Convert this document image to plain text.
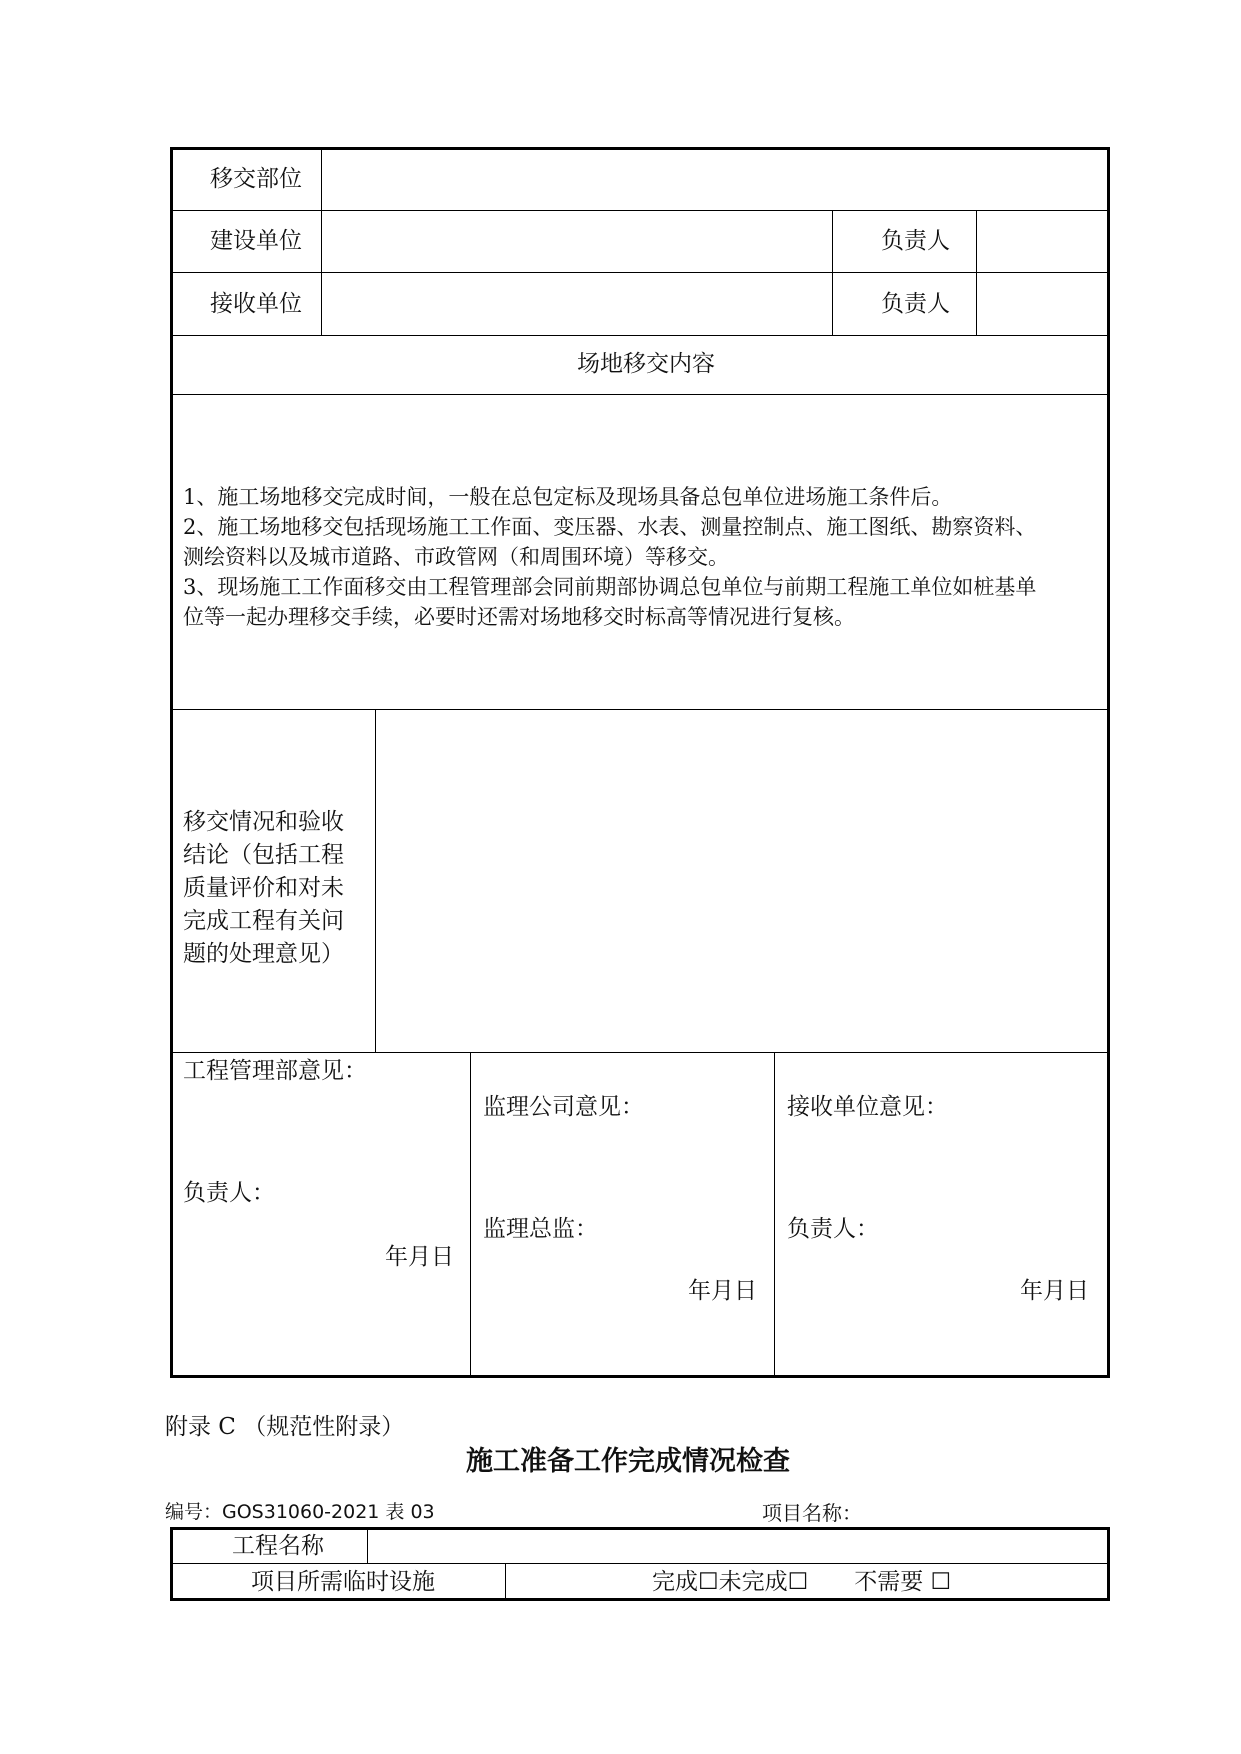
移交部位
建设单位	负责人
接收单位	负责人
场地移交内容
1、施工场地移交完成时间，一般在总包定标及现场具备总包单位进场施工条件后。
2、施工场地移交包括现场施工工作面、变压器、水表、测量控制点、施工图纸、勘察资料、
测绘资料以及城市道路、市政管网（和周围环境）等移交。
3、现场施工工作面移交由工程管理部会同前期部协调总包单位与前期工程施工单位如桩基单
位等一起办理移交手续，必要时还需对场地移交时标高等情况进行复核。
移交情况和验收
结论（包括工程
质量评价和对未
完成工程有关问
题的处理意见）
工程管理部意见：
负责人：
年月日
监理公司意见：
监理总监：
年月日
接收单位意见：
负责人：
年月日
附录 C （规范性附录）
施工准备工作完成情况检查
编号：GOS31060-2021 表 03	项目名称：
工程名称
项目所需临时设施	完成☐未完成☐　　不需要 ☐
